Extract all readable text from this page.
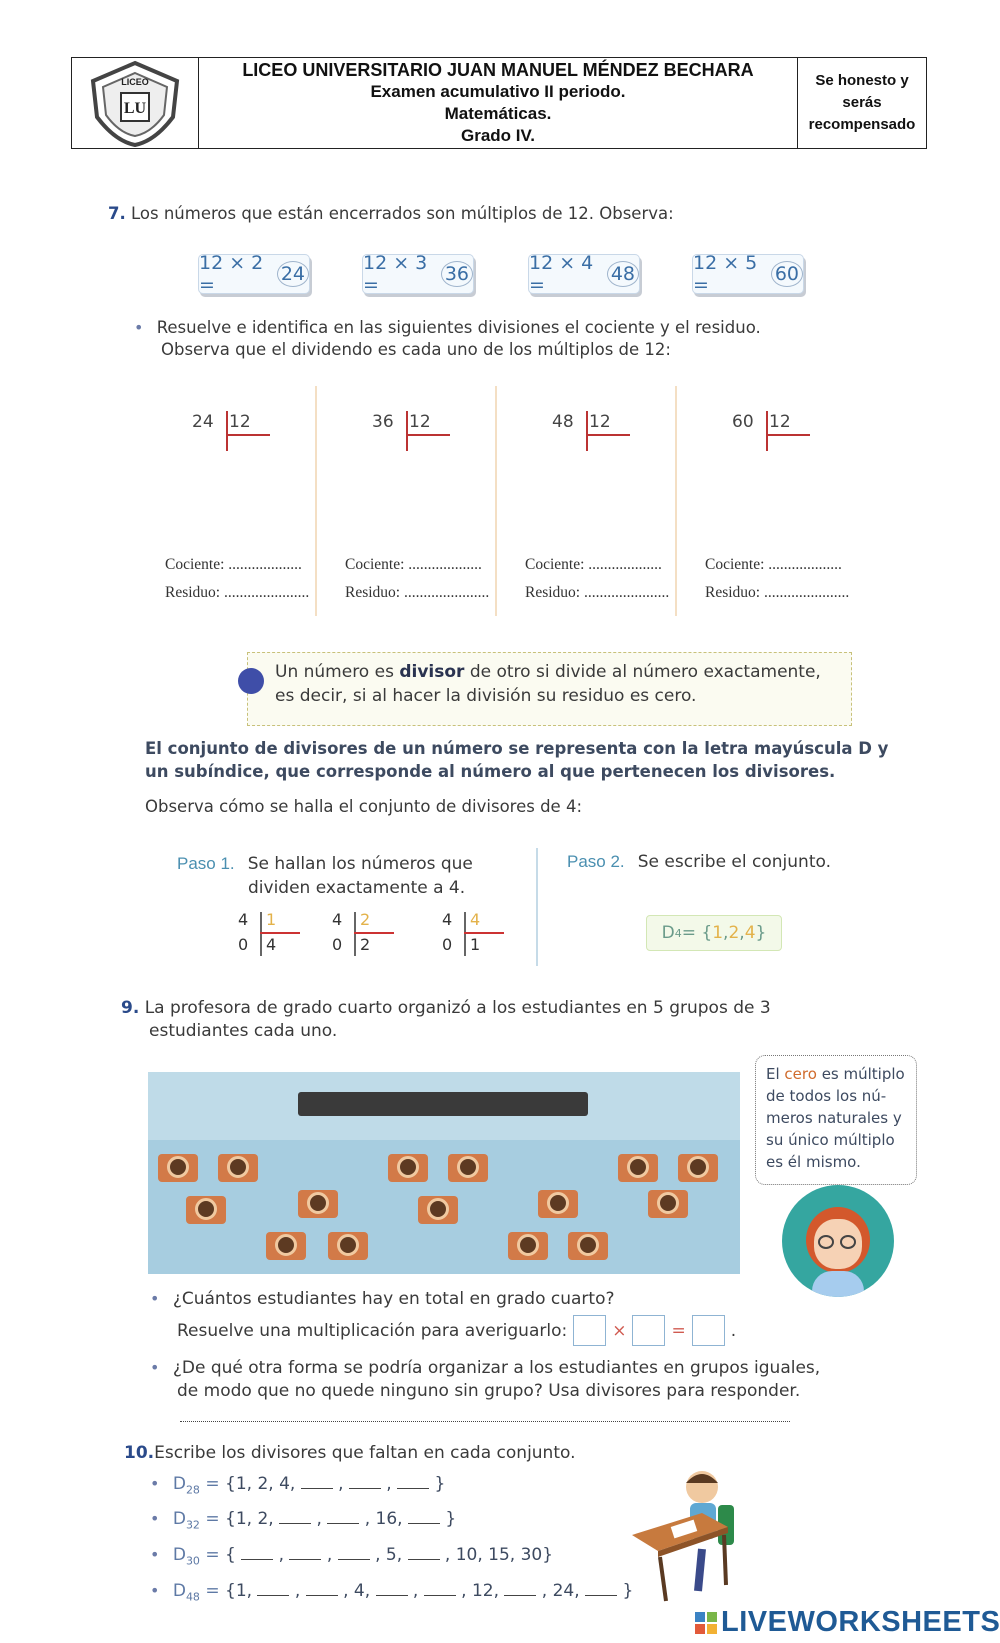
LU
LICEO
LICEO UNIVERSITARIO JUAN MANUEL MÉNDEZ BECHARA
Examen acumulativo II periodo.
Matemáticas.
Grado IV.
Se honesto y serás recompensado
7. Los números que están encerrados son múltiplos de 12. Observa:
12 × 2 =	24	12 × 3 =	36	12 × 4 =	48	12 × 5 =	60
• Resuelve e identifica en las siguientes divisiones el cociente y el residuo.
Observa que el dividendo es cada uno de los múltiplos de 12:
24 12
Cociente: ...................
Residuo: ......................
36 12
Cociente: ...................
Residuo: ......................
48 12
Cociente: ...................
Residuo: ......................
60 12
Cociente: ...................
Residuo: ......................
Un número es divisor de otro si divide al número exactamente,
es decir, si al hacer la división su residuo es cero.
El conjunto de divisores de un número se representa con la letra mayúscula D y
un subíndice, que corresponde al número al que pertenecen los divisores.
Observa cómo se halla el conjunto de divisores de 4:
Paso 1. Se hallan los números que
dividen exactamente a 4.
Paso 2. Se escribe el conjunto.
4 1
0 4
4 2
0 2
4 4
0 1
D 4 = { 1 , 2 , 4 }
9. La profesora de grado cuarto organizó a los estudiantes en 5 grupos de 3
estudiantes cada uno.
El cero es múltiplo
de todos los nú-
meros naturales y
su único múltiplo
es él mismo.
• ¿Cuántos estudiantes hay en total en grado cuarto?
Resuelve una multiplicación para averiguarlo:	×	=	.
• ¿De qué otra forma se podría organizar a los estudiantes en grupos iguales,
de modo que no quede ninguno sin grupo? Usa divisores para responder.
10.Escribe los divisores que faltan en cada conjunto.
• $D_{28} = \{1$, 2, 4,  ,  ,  }
• $D_{32} = \{1$, 2,  ,  , 16,  }
• $D_{30}$ = {  ,  ,  , 5,  , 10, 15, 30}
• $D_{48} = \{1$,  ,  , 4,  ,  , 12,  , 24,  }
LIVEWORKSHEETS
